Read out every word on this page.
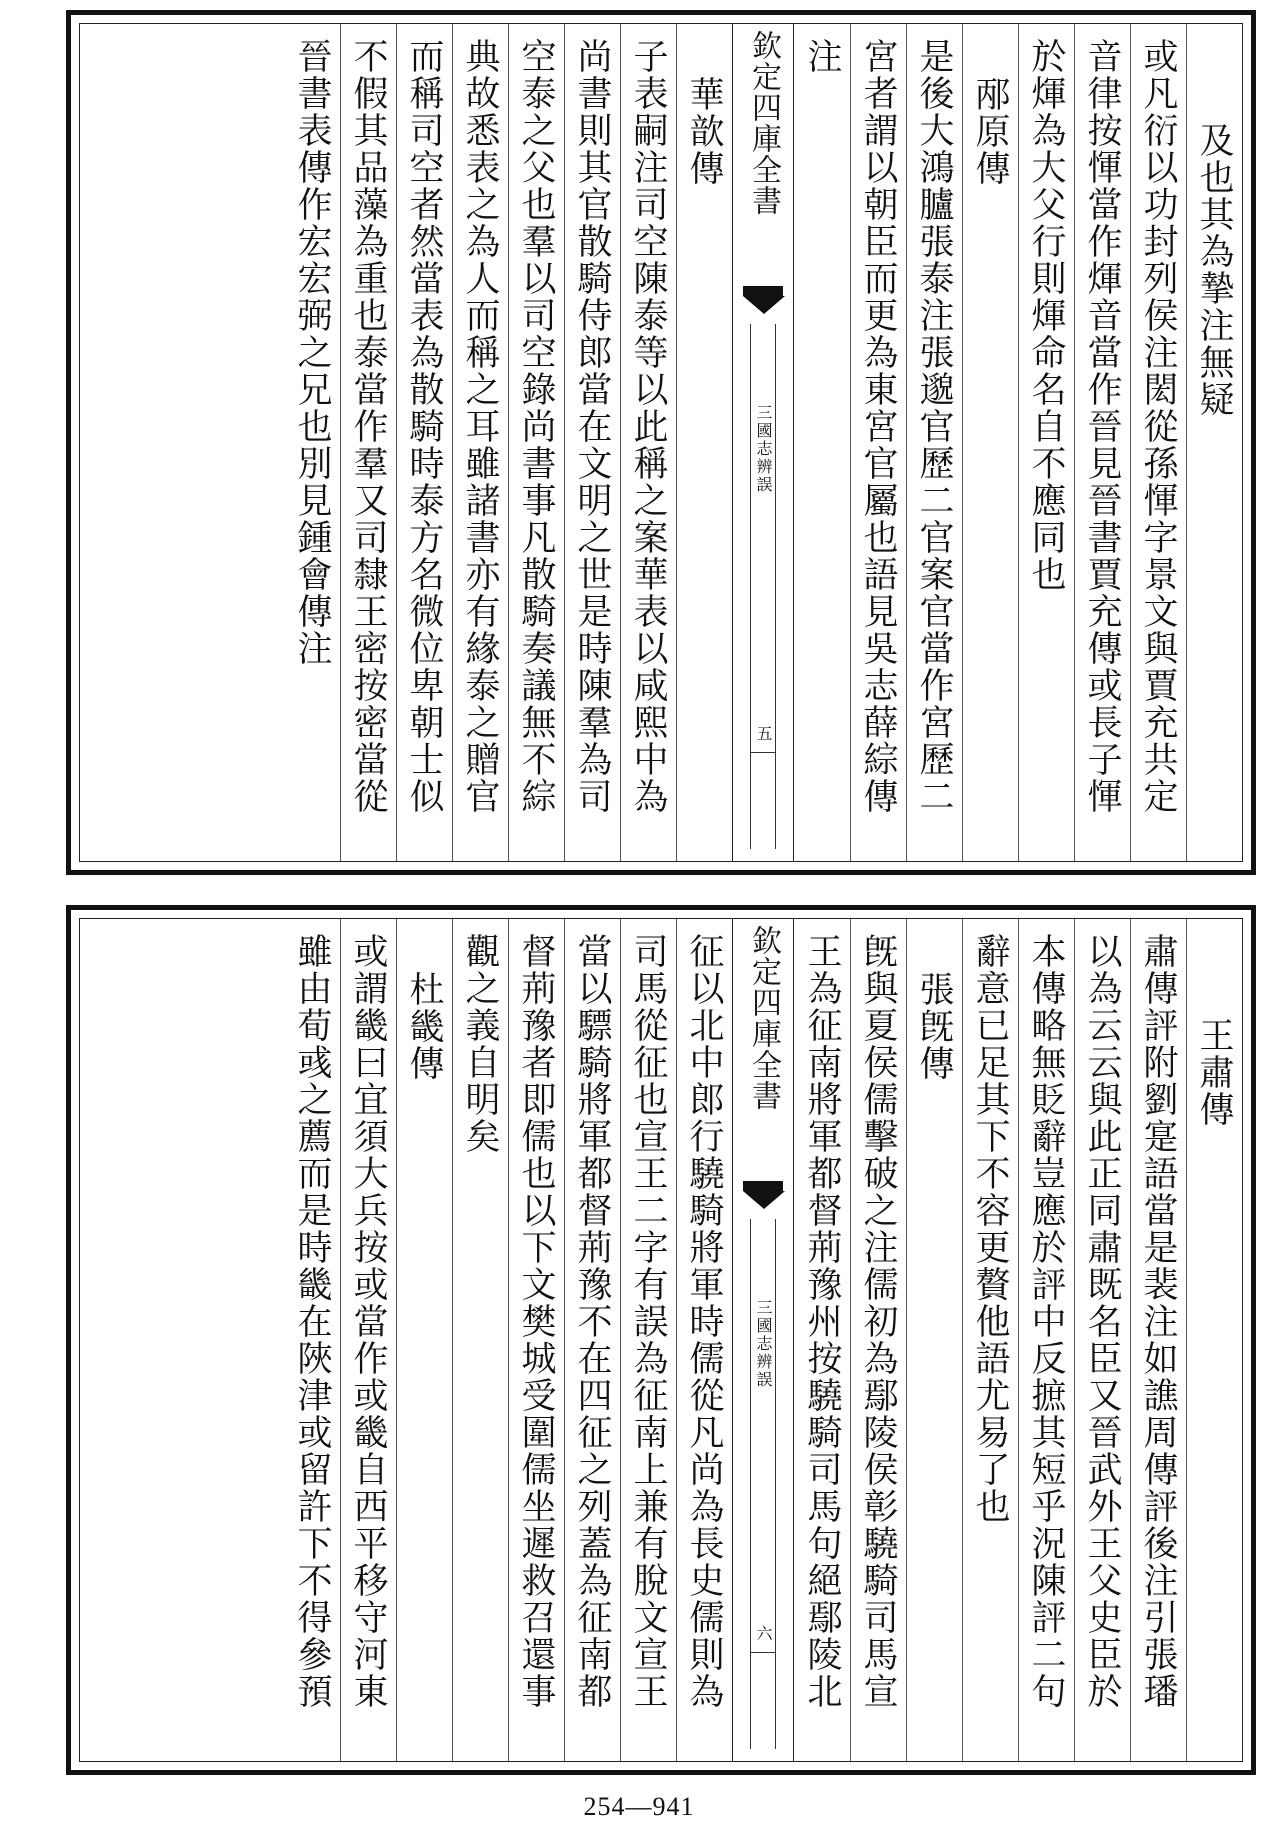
及也其為摯注無疑
或凡衍以功封列侯注閎從孫惲字景文與賈充共定
音律按惲當作煇音當作晉見晉書賈充傳或長子惲
於煇為大父行則煇命名自不應同也
邴原傳
是後大鴻臚張泰注張邈官歷二官案官當作宮歷二
宮者謂以朝臣而更為東宮官屬也語見吳志薛綜傳
注
欽定四庫全書
三國志辨誤
五
華歆傳
子表嗣注司空陳泰等以此稱之案華表以咸熙中為
尚書則其官散騎侍郎當在文明之世是時陳羣為司
空泰之父也羣以司空錄尚書事凡散騎奏議無不綜
典故悉表之為人而稱之耳雖諸書亦有緣泰之贈官
而稱司空者然當表為散騎時泰方名微位卑朝士似
不假其品藻為重也泰當作羣又司隸王密按密當從
晉書表傳作宏宏弼之兄也別見鍾會傳注
王肅傳
肅傳評附劉寔語當是裴注如譙周傳評後注引張璠
以為云云與此正同肅既名臣又晉武外王父史臣於
本傳略無貶辭豈應於評中反摭其短乎況陳評二句
辭意已足其下不容更贅他語尤易了也
張旣傳
旣與夏侯儒擊破之注儒初為鄢陵侯彰驍騎司馬宣
王為征南將軍都督荊豫州按驍騎司馬句絕鄢陵北
欽定四庫全書
三國志辨誤
六
征以北中郎行驍騎將軍時儒從凡尚為長史儒則為
司馬從征也宣王二字有誤為征南上兼有脫文宣王
當以驃騎將軍都督荊豫不在四征之列蓋為征南都
督荊豫者即儒也以下文樊城受圍儒坐遲救召還事
觀之義自明矣
杜畿傳
或謂畿曰宜須大兵按或當作或畿自西平移守河東
雖由荀彧之薦而是時畿在陜津或留許下不得參預
254—941
